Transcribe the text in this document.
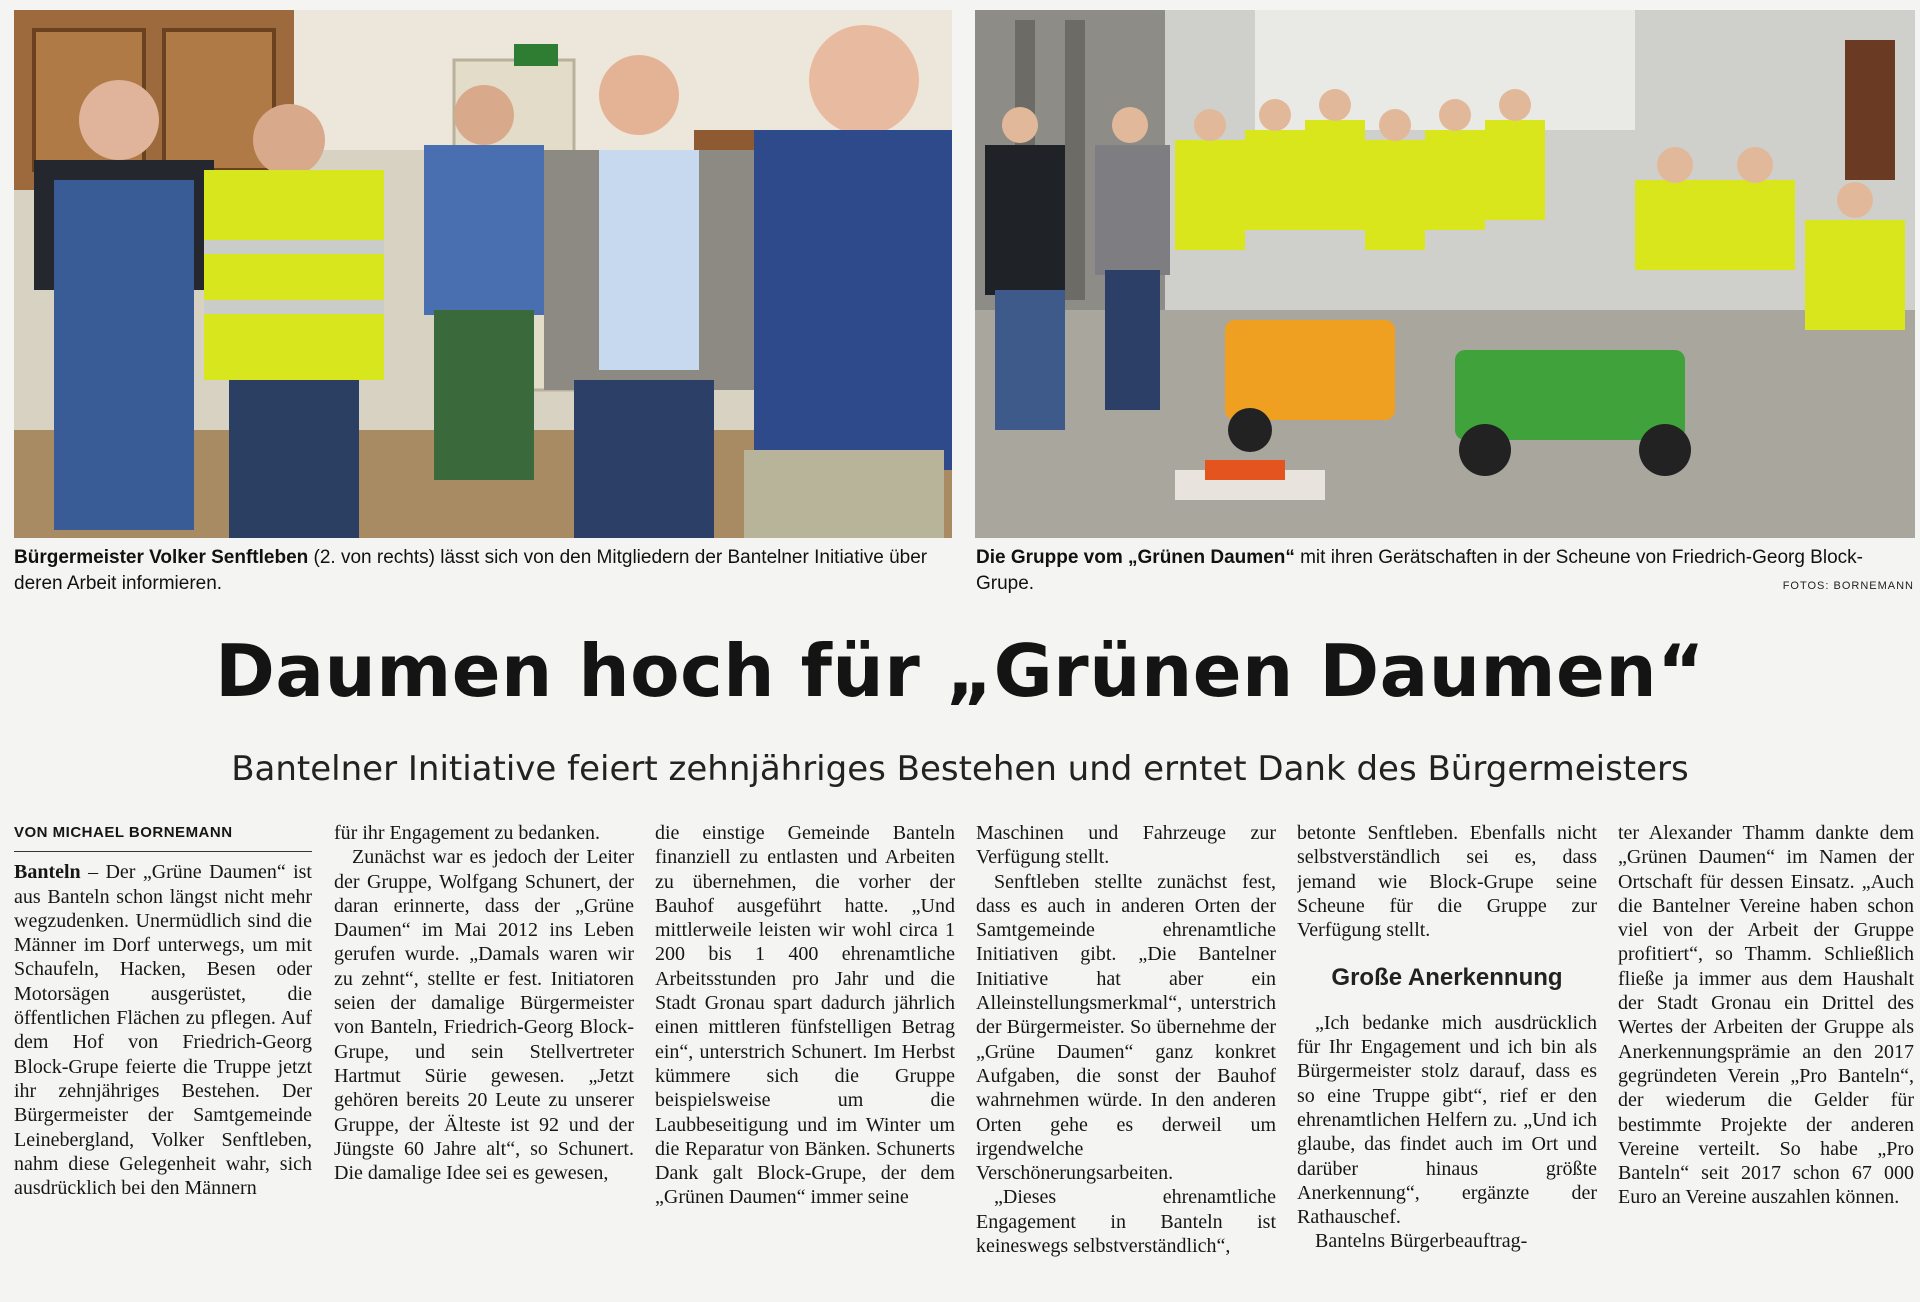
Bürgermeister Volker Senftleben (2. von rechts) lässt sich von den Mitgliedern der Bantelner Initiative über deren Arbeit informieren.
Die Gruppe vom „Grünen Daumen“ mit ihren Gerätschaften in der Scheune von Friedrich-Georg Block-Grupe.	FOTOS: BORNEMANN
Daumen hoch für „Grünen Daumen“
Bantelner Initiative feiert zehnjähriges Bestehen und erntet Dank des Bürgermeisters
VON MICHAEL BORNEMANN

Banteln – Der „Grüne Daumen“ ist aus Banteln schon längst nicht mehr wegzudenken. Unermüdlich sind die Männer im Dorf unterwegs, um mit Schaufeln, Hacken, Besen oder Motorsägen ausgerüstet, die öffentlichen Flächen zu pflegen. Auf dem Hof von Friedrich-Georg Block-Grupe feierte die Truppe jetzt ihr zehnjähriges Bestehen. Der Bürgermeister der Samtgemeinde Leinebergland, Volker Senftleben, nahm diese Gelegenheit wahr, sich ausdrücklich bei den Männern

für ihr Engagement zu bedanken.

Zunächst war es jedoch der Leiter der Gruppe, Wolfgang Schunert, der daran erinnerte, dass der „Grüne Daumen“ im Mai 2012 ins Leben gerufen wurde. „Damals waren wir zu zehnt“, stellte er fest. Initiatoren seien der damalige Bürgermeister von Banteln, Friedrich-Georg Block-Grupe, und sein Stellvertreter Hartmut Sürie gewesen. „Jetzt gehören bereits 20 Leute zu unserer Gruppe, der Älteste ist 92 und der Jüngste 60 Jahre alt“, so Schunert. Die damalige Idee sei es gewesen,

die einstige Gemeinde Banteln finanziell zu entlasten und Arbeiten zu übernehmen, die vorher der Bauhof ausgeführt hatte. „Und mittlerweile leisten wir wohl circa 1 200 bis 1 400 ehrenamtliche Arbeitsstunden pro Jahr und die Stadt Gronau spart dadurch jährlich einen mittleren fünfstelligen Betrag ein“, unterstrich Schunert. Im Herbst kümmere sich die Gruppe beispielsweise um die Laubbeseitigung und im Winter um die Reparatur von Bänken. Schunerts Dank galt Block-Grupe, der dem „Grünen Daumen“ immer seine

Maschinen und Fahrzeuge zur Verfügung stellt.

Senftleben stellte zunächst fest, dass es auch in anderen Orten der Samtgemeinde ehrenamtliche Initiativen gibt. „Die Bantelner Initiative hat aber ein Alleinstellungsmerkmal“, unterstrich der Bürgermeister. So übernehme der „Grüne Daumen“ ganz konkret Aufgaben, die sonst der Bauhof wahrnehmen würde. In den anderen Orten gehe es derweil um irgendwelche Verschönerungsarbeiten.

„Dieses ehrenamtliche Engagement in Banteln ist keineswegs selbstverständlich“,

betonte Senftleben. Ebenfalls nicht selbstverständlich sei es, dass jemand wie Block-Grupe seine Scheune für die Gruppe zur Verfügung stellt.

Große Anerkennung

„Ich bedanke mich ausdrücklich für Ihr Engagement und ich bin als Bürgermeister stolz darauf, dass es so eine Truppe gibt“, rief er den ehrenamtlichen Helfern zu. „Und ich glaube, das findet auch im Ort und darüber hinaus größte Anerkennung“, ergänzte der Rathauschef.

Bantelns Bürgerbeauftrag-

ter Alexander Thamm dankte dem „Grünen Daumen“ im Namen der Ortschaft für dessen Einsatz. „Auch die Bantelner Vereine haben schon viel von der Arbeit der Gruppe profitiert“, so Thamm. Schließlich fließe ja immer aus dem Haushalt der Stadt Gronau ein Drittel des Wertes der Arbeiten der Gruppe als Anerkennungsprämie an den 2017 gegründeten Verein „Pro Banteln“, der wiederum die Gelder für bestimmte Projekte der anderen Vereine verteilt. So habe „Pro Banteln“ seit 2017 schon 67 000 Euro an Vereine auszahlen können.
